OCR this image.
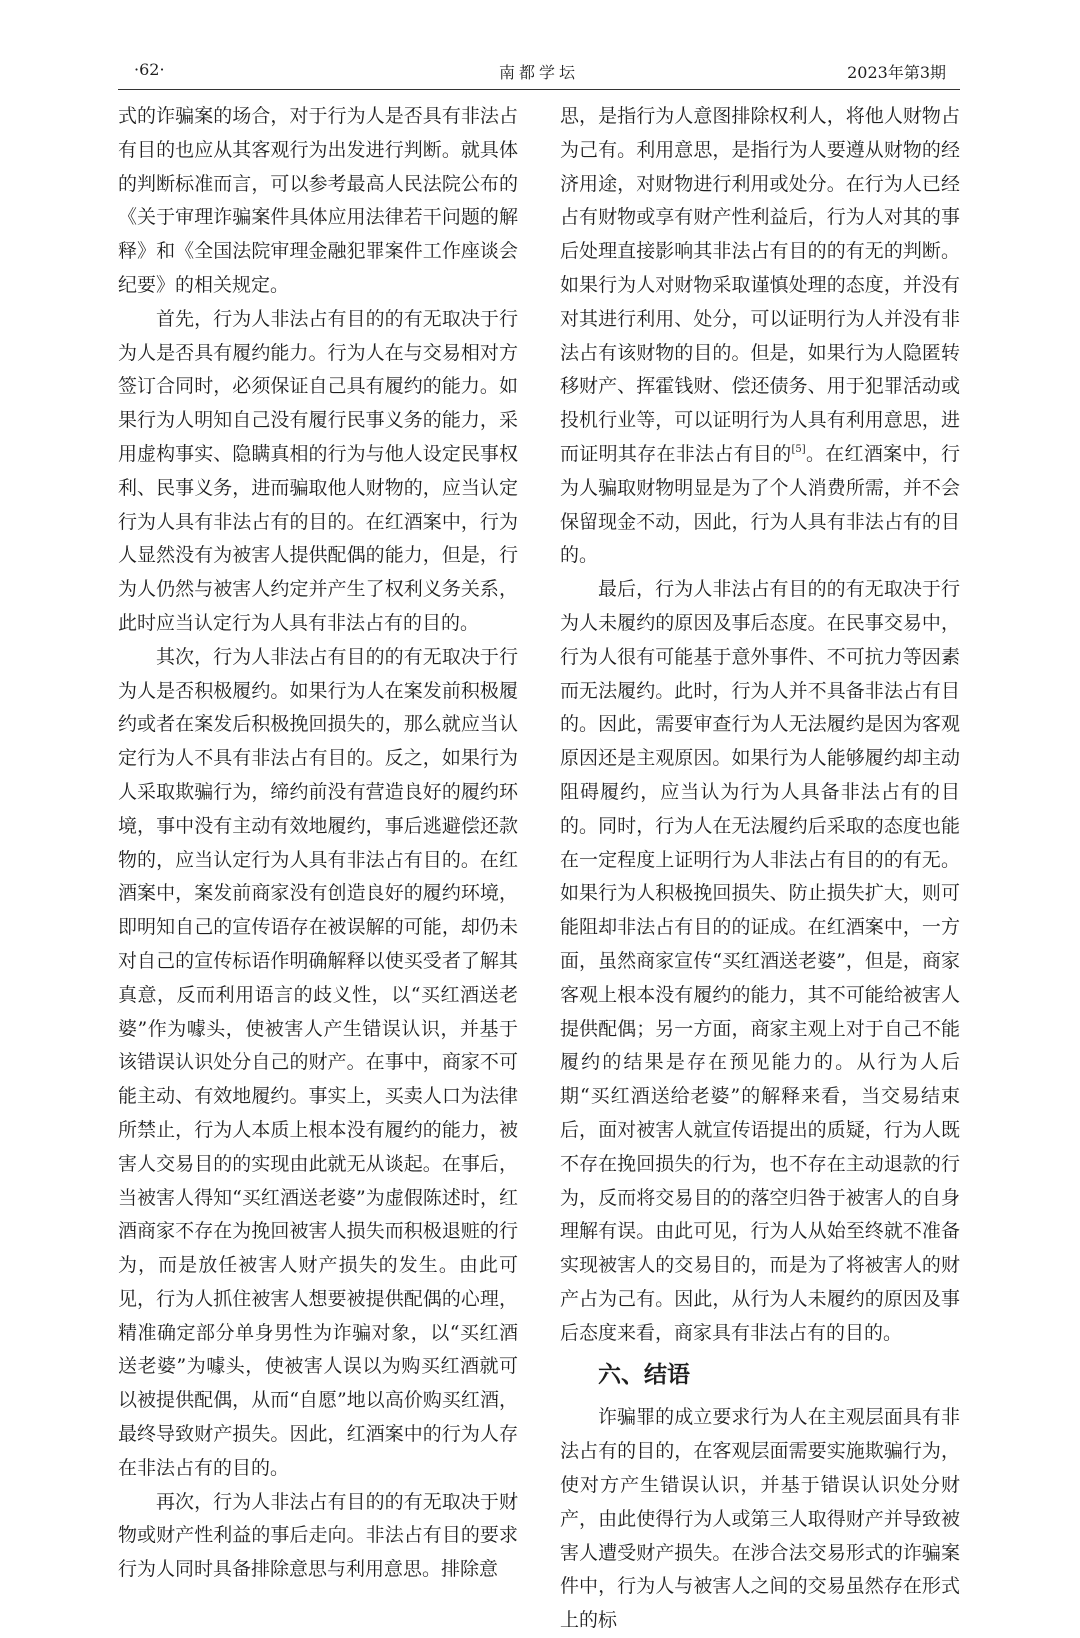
·62·	南都学坛	2023年第3期

式的诈骗案的场合，对于行为人是否具有非法占有目的也应从其客观行为出发进行判断。就具体的判断标准而言，可以参考最高人民法院公布的《关于审理诈骗案件具体应用法律若干问题的解释》和《全国法院审理金融犯罪案件工作座谈会纪要》的相关规定。

首先，行为人非法占有目的的有无取决于行为人是否具有履约能力。行为人在与交易相对方签订合同时，必须保证自己具有履约的能力。如果行为人明知自己没有履行民事义务的能力，采用虚构事实、隐瞒真相的行为与他人设定民事权利、民事义务，进而骗取他人财物的，应当认定行为人具有非法占有的目的。在红酒案中，行为人显然没有为被害人提供配偶的能力，但是，行为人仍然与被害人约定并产生了权利义务关系，此时应当认定行为人具有非法占有的目的。

其次，行为人非法占有目的的有无取决于行为人是否积极履约。如果行为人在案发前积极履约或者在案发后积极挽回损失的，那么就应当认定行为人不具有非法占有目的。反之，如果行为人采取欺骗行为，缔约前没有营造良好的履约环境，事中没有主动有效地履约，事后逃避偿还款物的，应当认定行为人具有非法占有目的。在红酒案中，案发前商家没有创造良好的履约环境，即明知自己的宣传语存在被误解的可能，却仍未对自己的宣传标语作明确解释以使买受者了解其真意，反而利用语言的歧义性，以“买红酒送老婆”作为噱头，使被害人产生错误认识，并基于该错误认识处分自己的财产。在事中，商家不可能主动、有效地履约。事实上，买卖人口为法律所禁止，行为人本质上根本没有履约的能力，被害人交易目的的实现由此就无从谈起。在事后，当被害人得知“买红酒送老婆”为虚假陈述时，红酒商家不存在为挽回被害人损失而积极退赃的行为，而是放任被害人财产损失的发生。由此可见，行为人抓住被害人想要被提供配偶的心理，精准确定部分单身男性为诈骗对象，以“买红酒送老婆”为噱头，使被害人误以为购买红酒就可以被提供配偶，从而“自愿”地以高价购买红酒，最终导致财产损失。因此，红酒案中的行为人存在非法占有的目的。

再次，行为人非法占有目的的有无取决于财物或财产性利益的事后走向。非法占有目的要求行为人同时具备排除意思与利用意思。排除意

思，是指行为人意图排除权利人，将他人财物占为己有。利用意思，是指行为人要遵从财物的经济用途，对财物进行利用或处分。在行为人已经占有财物或享有财产性利益后，行为人对其的事后处理直接影响其非法占有目的的有无的判断。如果行为人对财物采取谨慎处理的态度，并没有对其进行利用、处分，可以证明行为人并没有非法占有该财物的目的。但是，如果行为人隐匿转移财产、挥霍钱财、偿还债务、用于犯罪活动或投机行业等，可以证明行为人具有利用意思，进而证明其存在非法占有目的[5]。在红酒案中，行为人骗取财物明显是为了个人消费所需，并不会保留现金不动，因此，行为人具有非法占有的目的。

最后，行为人非法占有目的的有无取决于行为人未履约的原因及事后态度。在民事交易中，行为人很有可能基于意外事件、不可抗力等因素而无法履约。此时，行为人并不具备非法占有目的。因此，需要审查行为人无法履约是因为客观原因还是主观原因。如果行为人能够履约却主动阻碍履约，应当认为行为人具备非法占有的目的。同时，行为人在无法履约后采取的态度也能在一定程度上证明行为人非法占有目的的有无。如果行为人积极挽回损失、防止损失扩大，则可能阻却非法占有目的的证成。在红酒案中，一方面，虽然商家宣传“买红酒送老婆”，但是，商家客观上根本没有履约的能力，其不可能给被害人提供配偶；另一方面，商家主观上对于自己不能履约的结果是存在预见能力的。从行为人后期“买红酒送给老婆”的解释来看，当交易结束后，面对被害人就宣传语提出的质疑，行为人既不存在挽回损失的行为，也不存在主动退款的行为，反而将交易目的的落空归咎于被害人的自身理解有误。由此可见，行为人从始至终就不准备实现被害人的交易目的，而是为了将被害人的财产占为己有。因此，从行为人未履约的原因及事后态度来看，商家具有非法占有的目的。

六、结语

诈骗罪的成立要求行为人在主观层面具有非法占有的目的，在客观层面需要实施欺骗行为，使对方产生错误认识，并基于错误认识处分财产，由此使得行为人或第三人取得财产并导致被害人遭受财产损失。在涉合法交易形式的诈骗案件中，行为人与被害人之间的交易虽然存在形式上的标
